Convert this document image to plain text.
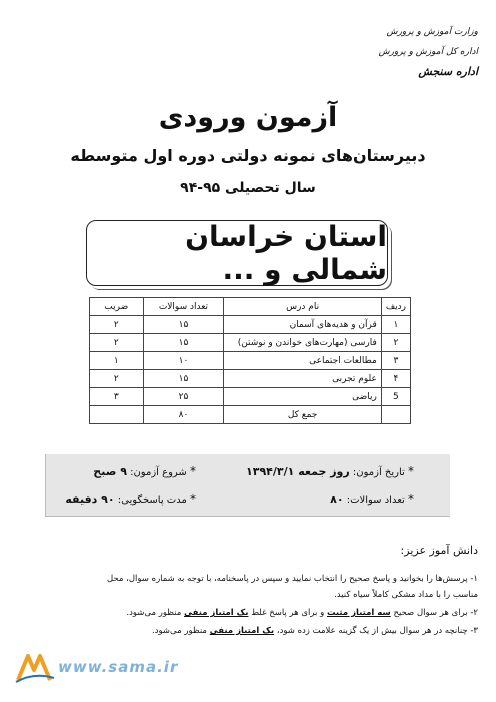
وزارت آموزش و پرورش
اداره کل آموزش و پرورش
اداره سنجش
آزمون ورودی
دبیرستان‌های نمونه دولتی دوره اول متوسطه
سال تحصیلی ۹۵-۹۴
استان خراسان شمالی و ...
ردیف	نام درس	تعداد سوالات	ضریب
۱	قرآن و هدیه‌های آسمان	۱۵	۲
۲	فارسی (مهارت‌های خواندن و نوشتن)	۱۵	۲
۳	مطالعات اجتماعی	۱۰	۱
۴	علوم تجربی	۱۵	۲
5	ریاضی	۲۵	۳
	جمع کل	۸۰	
* تاریخ آزمون: روز جمعه ۱۳۹۴/۳/۱
* شروع آزمون: ۹ صبح
* تعداد سوالات: ۸۰
* مدت پاسخگویی: ۹۰ دقیقه
دانش آموز عزیز:
۱- پرسش‌ها را بخوانید و پاسخ صحیح را انتخاب نمایید و سپس در پاسخنامه، با توجه به شماره سوال، محل
مناسب را با مداد مشکی کاملاً سیاه کنید.
۲- برای هر سوال صحیح سه امتیاز مثبت و برای هر پاسخ غلط یک امتیاز منفی منظور می‌شود.
۳- چنانچه در هر سوال بیش از یک گزینه علامت زده شود، یک امتیاز منفی منظور می‌شود.
www.sama.ir
